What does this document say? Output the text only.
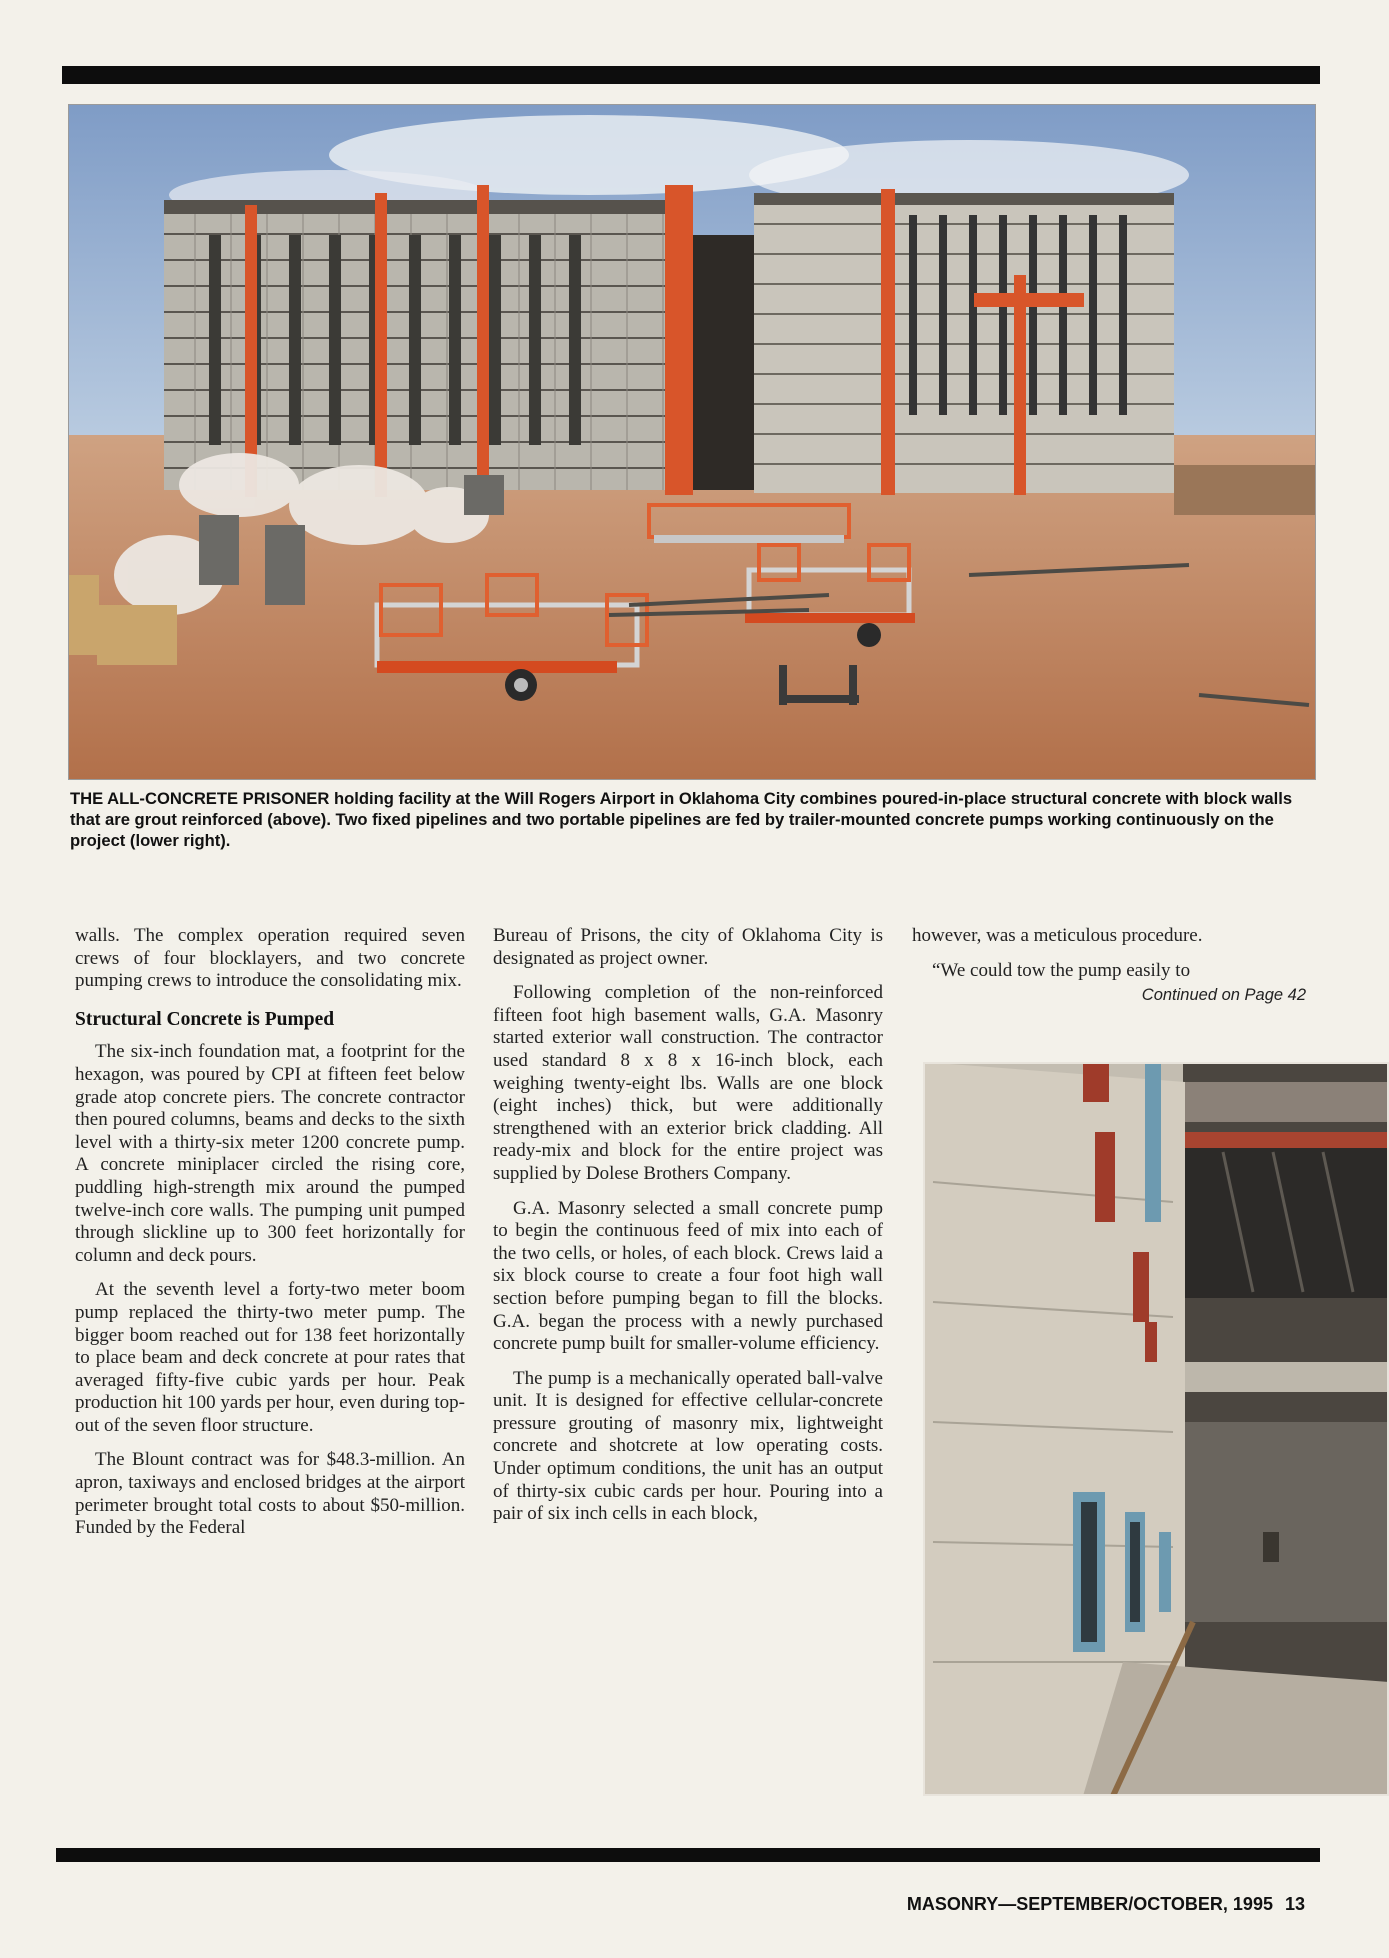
THE ALL-CONCRETE PRISONER holding facility at the Will Rogers Airport in Oklahoma City combines poured-in-place structural concrete with block walls that are grout reinforced (above). Two fixed pipelines and two portable pipelines are fed by trailer-mounted concrete pumps working continuously on the project (lower right).

walls. The complex operation required seven crews of four blocklayers, and two concrete pumping crews to introduce the consolidating mix.

Structural Concrete is Pumped

The six-inch foundation mat, a footprint for the hexagon, was poured by CPI at fifteen feet below grade atop concrete piers. The concrete contractor then poured columns, beams and decks to the sixth level with a thirty-six meter 1200 concrete pump. A concrete miniplacer circled the rising core, puddling high-strength mix around the pumped twelve-inch core walls. The pumping unit pumped through slickline up to 300 feet horizontally for column and deck pours.

At the seventh level a forty-two meter boom pump replaced the thirty-two meter pump. The bigger boom reached out for 138 feet horizontally to place beam and deck concrete at pour rates that averaged fifty-five cubic yards per hour. Peak production hit 100 yards per hour, even during top-out of the seven floor structure.

The Blount contract was for $48.3-million. An apron, taxiways and enclosed bridges at the airport perimeter brought total costs to about $50-million. Funded by the Federal

Bureau of Prisons, the city of Oklahoma City is designated as project owner.

Following completion of the non-reinforced fifteen foot high basement walls, G.A. Masonry started exterior wall construction. The contractor used standard 8 x 8 x 16-inch block, each weighing twenty-eight lbs. Walls are one block (eight inches) thick, but were additionally strengthened with an exterior brick cladding. All ready-mix and block for the entire project was supplied by Dolese Brothers Company.

G.A. Masonry selected a small concrete pump to begin the continuous feed of mix into each of the two cells, or holes, of each block. Crews laid a six block course to create a four foot high wall section before pumping began to fill the blocks. G.A. began the process with a newly purchased concrete pump built for smaller-volume efficiency.

The pump is a mechanically operated ball-valve unit. It is designed for effective cellular-concrete pressure grouting of masonry mix, lightweight concrete and shotcrete at low operating costs. Under optimum conditions, the unit has an output of thirty-six cubic cards per hour. Pouring into a pair of six inch cells in each block,

however, was a meticulous procedure.

“We could tow the pump easily to

Continued on Page 42
MASONRY—SEPTEMBER/OCTOBER, 1995 13
